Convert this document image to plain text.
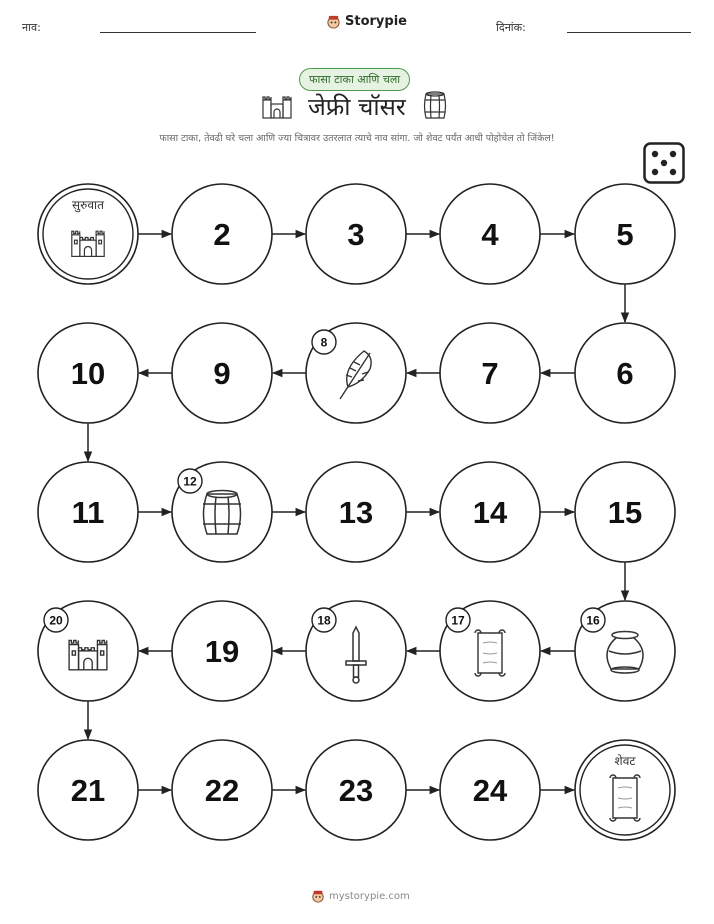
नाव:	Storypie	दिनांक:
फासा टाका आणि चला
जेफ्री चॉसर
फासा टाका, तेवढी घरे चला आणि ज्या चित्रावर उतरलात त्याचे नाव सांगा. जो शेवट पर्यंत आधी पोहोचेल तो जिंकेल!
सुरुवात
2	3	4	5
6
7
8
9
10
11
12
13	14	15
16
17
18
19
20
21	22	23	24
शेवट
mystorypie.com
